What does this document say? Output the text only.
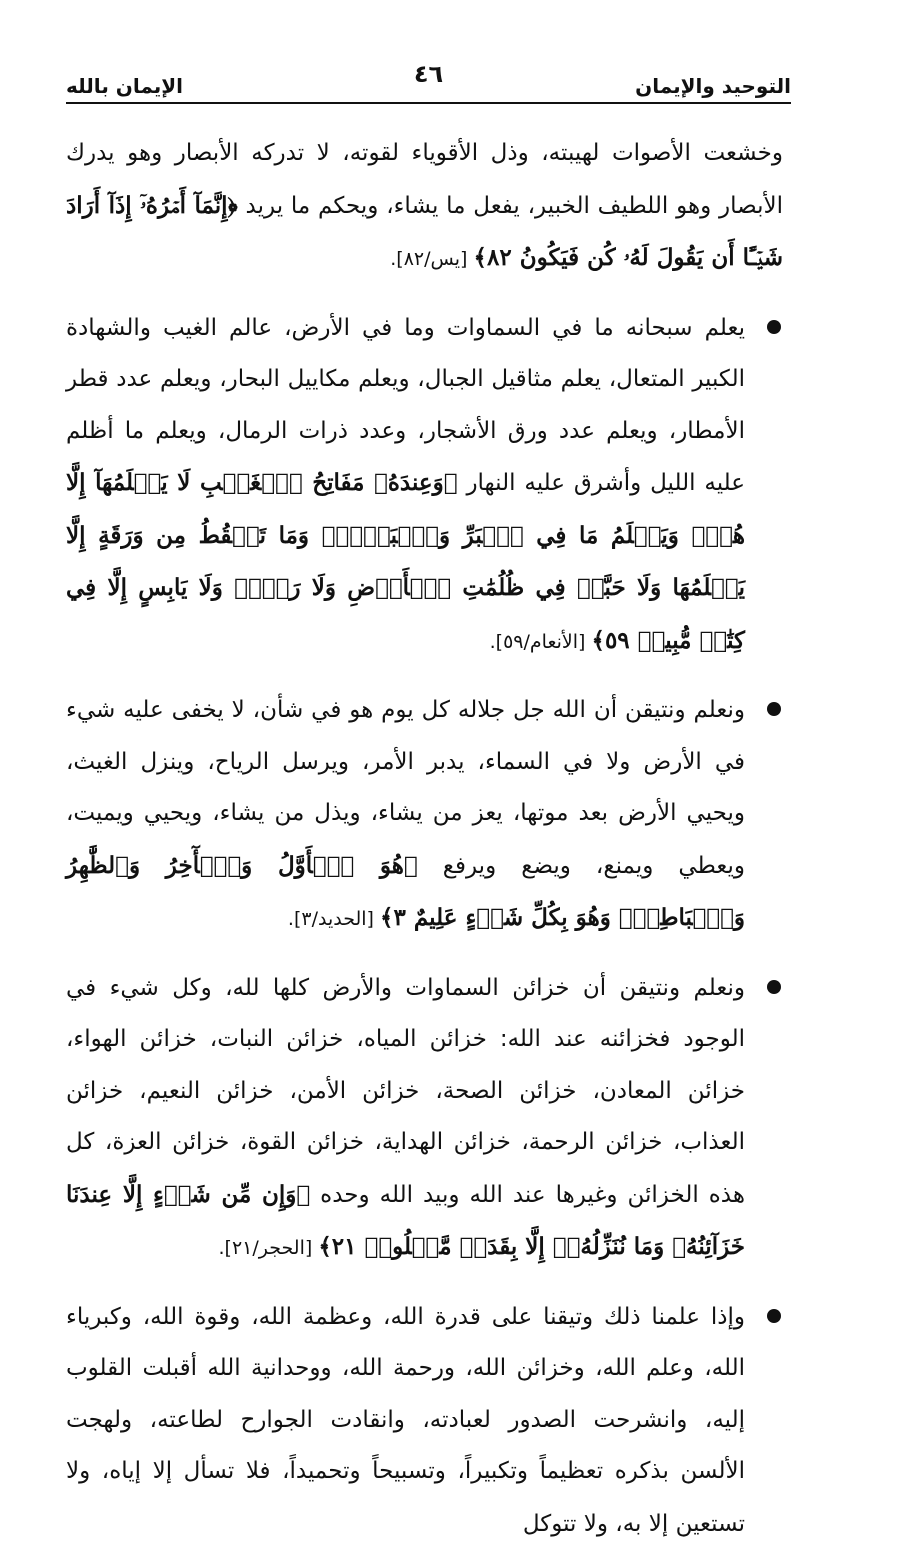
التوحيد والإيمان
٤٦
الإيمان بالله

وخشعت الأصوات لهيبته، وذل الأقوياء لقوته، لا تدركه الأبصار وهو يدرك الأبصار وهو اللطيف الخبير، يفعل ما يشاء، ويحكم ما يريد ﴿إِنَّمَآ أَمۡرُهُۥٓ إِذَآ أَرَادَ شَيۡـًٔا أَن يَقُولَ لَهُۥ كُن فَيَكُونُ ٨٢﴾ [يس/٨٢].

يعلم سبحانه ما في السماوات وما في الأرض، عالم الغيب والشهادة الكبير المتعال، يعلم مثاقيل الجبال، ويعلم مكاييل البحار، ويعلم عدد قطر الأمطار، ويعلم عدد ورق الأشجار، وعدد ذرات الرمال، ويعلم ما أظلم عليه الليل وأشرق عليه النهار ﴿وَعِندَهُۥ مَفَاتِحُ ٱلۡغَيۡبِ لَا يَعۡلَمُهَآ إِلَّا هُوَۚ وَيَعۡلَمُ مَا فِي ٱلۡبَرِّ وَٱلۡبَحۡرِۚ وَمَا تَسۡقُطُ مِن وَرَقَةٍ إِلَّا يَعۡلَمُهَا وَلَا حَبَّةٖ فِي ظُلُمَٰتِ ٱلۡأَرۡضِ وَلَا رَطۡبٖ وَلَا يَابِسٍ إِلَّا فِي كِتَٰبٖ مُّبِينٖ ٥٩﴾ [الأنعام/٥٩].

ونعلم ونتيقن أن الله جل جلاله كل يوم هو في شأن، لا يخفى عليه شيء في الأرض ولا في السماء، يدبر الأمر، ويرسل الرياح، وينزل الغيث، ويحيي الأرض بعد موتها، يعز من يشاء، ويذل من يشاء، ويحيي ويميت، ويعطي ويمنع، ويضع ويرفع ﴿هُوَ ٱلۡأَوَّلُ وَٱلۡأٓخِرُ وَٱلظَّٰهِرُ وَٱلۡبَاطِنُۖ وَهُوَ بِكُلِّ شَيۡءٍ عَلِيمٌ ٣﴾ [الحديد/٣].

ونعلم ونتيقن أن خزائن السماوات والأرض كلها لله، وكل شيء في الوجود فخزائنه عند الله: خزائن المياه، خزائن النبات، خزائن الهواء، خزائن المعادن، خزائن الصحة، خزائن الأمن، خزائن النعيم، خزائن العذاب، خزائن الرحمة، خزائن الهداية، خزائن القوة، خزائن العزة، كل هذه الخزائن وغيرها عند الله وبيد الله وحده ﴿وَإِن مِّن شَيۡءٍ إِلَّا عِندَنَا خَزَآئِنُهُۥ وَمَا نُنَزِّلُهُۥٓ إِلَّا بِقَدَرٖ مَّعۡلُومٖ ٢١﴾ [الحجر/٢١].

وإذا علمنا ذلك وتيقنا على قدرة الله، وعظمة الله، وقوة الله، وكبرياء الله، وعلم الله، وخزائن الله، ورحمة الله، ووحدانية الله أقبلت القلوب إليه، وانشرحت الصدور لعبادته، وانقادت الجوارح لطاعته، ولهجت الألسن بذكره تعظيماً وتكبيراً، وتسبيحاً وتحميداً، فلا تسأل إلا إياه، ولا تستعين إلا به، ولا تتوكل
